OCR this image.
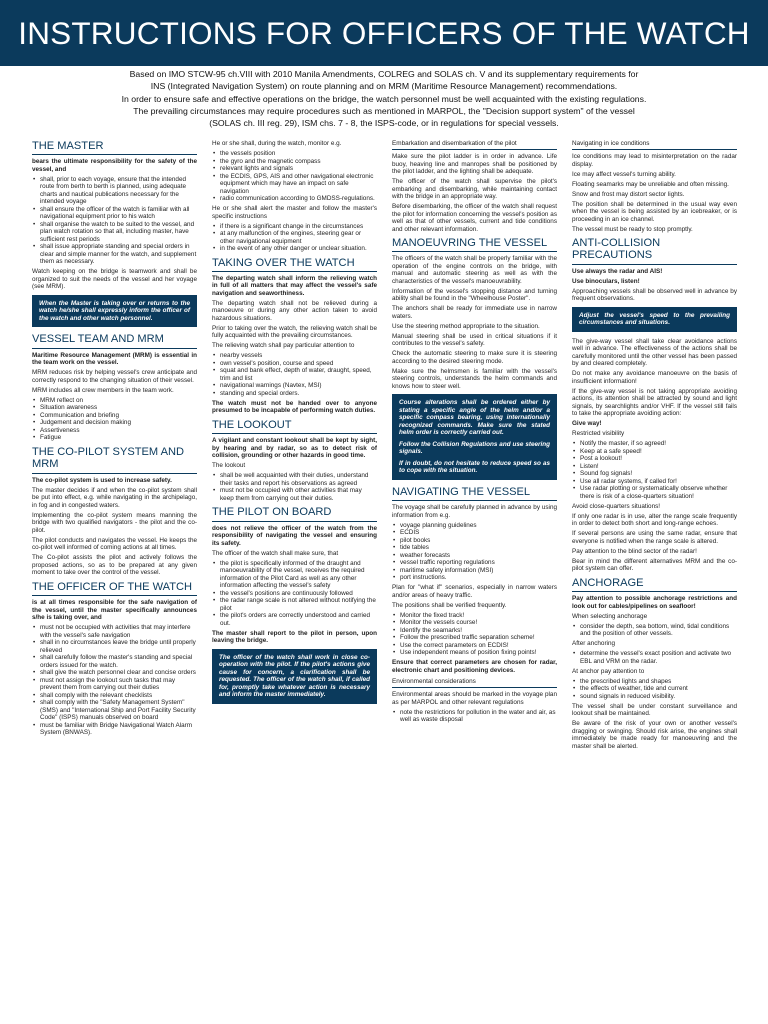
INSTRUCTIONS FOR OFFICERS OF THE WATCH
Based on IMO STCW-95 ch.VIII with 2010 Manila Amendments, COLREG and SOLAS ch. V and its supplementary requirements for
INS (Integrated Navigation System) on route planning and on MRM (Maritime Resource Management) recommendations.
In order to ensure safe and effective operations on the bridge, the watch personnel must be well acquainted with the existing regulations.
The prevailing circumstances may require procedures such as mentioned in MARPOL, the "Decision support system" of the vessel
(SOLAS ch. III reg. 29), ISM chs. 7 - 8, the ISPS-code, or in regulations for special vessels.
THE MASTER
bears the ultimate responsibility for the safety of the vessel, and
• shall, prior to each voyage, ensure that the intended route from berth to berth is planned, using adequate charts and nautical publications necessary for the intended voyage
• shall ensure the officer of the watch is familiar with all navigational equipment prior to his watch
• shall organise the watch to be suited to the vessel, and plan watch rotation so that all, including master, have sufficient rest periods
• shall issue appropriate standing and special orders in clear and simple manner for the watch, and supplement them as necessary.
Watch keeping on the bridge is teamwork and shall be organized to suit the needs of the vessel and her voyage (see MRM).
When the Master is taking over or returns to the watch he/she shall expressly inform the officer of the watch and other watch personnel.
VESSEL TEAM AND MRM
Maritime Resource Management (MRM) is essential in the team work on the vessel.
MRM reduces risk by helping vessel's crew anticipate and correctly respond to the changing situation of their vessel.
MRM includes all crew members in the team work.
• MRM reflect on
• Situation awareness
• Communication and briefing
• Judgement and decision making
• Assertiveness
• Fatigue
THE CO-PILOT SYSTEM AND MRM
The co-pilot system is used to increase safety.
The master decides if and when the co-pilot system shall be put into effect, e.g. while navigating in the archipelago, in fog and in congested waters.
Implementing the co-pilot system means manning the bridge with two qualified navigators - the pilot and the co-pilot.
The pilot conducts and navigates the vessel. He keeps the co-pilot well informed of coming actions at all times.
The Co-pilot assists the pilot and actively follows the proposed actions, so as to be prepared at any given moment to take over the control of the vessel.
THE OFFICER OF THE WATCH
is at all times responsible for the safe navigation of the vessel, until the master specifically announces s/he is taking over, and
• must not be occupied with activities that may interfere with the vessel's safe navigation
• shall in no circumstances leave the bridge until properly relieved
• shall carefully follow the master's standing and special orders issued for the watch.
• shall give the watch personnel clear and concise orders
• must not assign the lookout such tasks that may prevent them from carrying out their duties
• shall comply with the relevant checklists
• shall comply with the "Safety Management System" (SMS) and "International Ship and Port Facility Security Code" (ISPS) manuals observed on board
• must be familiar with Bridge Navigational Watch Alarm System (BNWAS).
He or she shall, during the watch, monitor e.g.
• the vessels position
• the gyro and the magnetic compass
• relevant lights and signals
• the ECDIS, GPS, AIS and other navigational electronic equipment which may have an impact on safe navigation
• radio communication according to GMDSS-regulations.
He or she shall alert the master and follow the master's specific instructions
• if there is a significant change in the circumstances
• at any malfunction of the engines, steering gear or other navigational equipment
• in the event of any other danger or unclear situation.
TAKING OVER THE WATCH
The departing watch shall inform the relieving watch in full of all matters that may affect the vessel's safe navigation and seaworthiness.
The departing watch shall not be relieved during a manoeuvre or during any other action taken to avoid hazardous situations.
Prior to taking over the watch, the relieving watch shall be fully acquainted with the prevailing circumstances.
The relieving watch shall pay particular attention to
• nearby vessels
• own vessel's position, course and speed
• squat and bank effect, depth of water, draught, speed, trim and list
• navigational warnings (Navtex, MSI)
• standing and special orders.
The watch must not be handed over to anyone presumed to be incapable of performing watch duties.
THE LOOKOUT
A vigilant and constant lookout shall be kept by sight, by hearing and by radar, so as to detect risk of collision, grounding or other hazards in good time.
The lookout
• shall be well acquainted with their duties, understand their tasks and report his observations as agreed
• must not be occupied with other activities that may keep them from carrying out their duties.
THE PILOT ON BOARD
does not relieve the officer of the watch from the responsibility of navigating the vessel and ensuring its safety.
The officer of the watch shall make sure, that
• the pilot is specifically informed of the draught and manoeuvrability of the vessel, receives the required information of the Pilot Card as well as any other information affecting the vessel's safety
• the vessel's positions are continuously followed
• the radar range scale is not altered without notifying the pilot
• the pilot's orders are correctly understood and carried out.
The master shall report to the pilot in person, upon leaving the bridge.
The officer of the watch shall work in close co-operation with the pilot. If the pilot's actions give cause for concern, a clarification shall be requested. The officer of the watch shall, if called for, promptly take whatever action is necessary and inform the master immediately.
Embarkation and disembarkation of the pilot
Make sure the pilot ladder is in order in advance. Life buoy, heaving line and manropes shall be positioned by the pilot ladder, and the lighting shall be adequate.
The officer of the watch shall supervise the pilot's embarking and disembarking, while maintaining contact with the bridge in an appropriate way.
Before disembarking, the officer of the watch shall request the pilot for information concerning the vessel's position as well as that of other vessels, current and tide conditions and other relevant information.
MANOEUVRING THE VESSEL
The officers of the watch shall be properly familiar with the operation of the engine controls on the bridge, with manual and automatic steering as well as with the characteristics of the vessel's manoeuvrability.
Information of the vessel's stopping distance and turning ability shall be found in the "Wheelhouse Poster".
The anchors shall be ready for immediate use in narrow waters.
Use the steering method appropriate to the situation.
Manual steering shall be used in critical situations if it contributes to the vessel's safety.
Check the automatic steering to make sure it is steering according to the desired steering mode.
Make sure the helmsmen is familiar with the vessel's steering controls, understands the helm commands and knows how to steer well.
Course alterations shall be ordered either by stating a specific angle of the helm and/or a specific compass bearing, using internationally recognized commands. Make sure the stated helm order is correctly carried out.
Follow the Collision Regulations and use steering signals.
If in doubt, do not hesitate to reduce speed so as to cope with the situation.
NAVIGATING THE VESSEL
The voyage shall be carefully planned in advance by using information from e.g.
• voyage planning guidelines
• ECDIS
• pilot books
• tide tables
• weather forecasts
• vessel traffic reporting regulations
• maritime safety information (MSI)
• port instructions.
Plan for "what if" scenarios, especially in narrow waters and/or areas of heavy traffic.
The positions shall be verified frequently.
• Monitor the fixed track!
• Monitor the vessels course!
• Identify the seamarks!
• Follow the prescribed traffic separation scheme!
• Use the correct parameters on ECDIS!
• Use independent means of position fixing points!
Ensure that correct parameters are chosen for radar, electronic chart and positioning devices.
Environmental considerations
Environmental areas should be marked in the voyage plan as per MARPOL and other relevant regulations
• note the restrictions for pollution in the water and air, as well as waste disposal
Navigating in ice conditions
Ice conditions may lead to misinterpretation on the radar display.
Ice may affect vessel's turning ability.
Floating seamarks may be unreliable and often missing.
Snow and frost may distort sector lights.
The position shall be determined in the usual way even when the vessel is being assisted by an icebreaker, or is proceeding in an ice channel.
The vessel must be ready to stop promptly.
ANTI-COLLISION PRECAUTIONS
Use always the radar and AIS!
Use binoculars, listen!
Approaching vessels shall be observed well in advance by frequent observations.
Adjust the vessel's speed to the prevailing circumstances and situations.
The give-way vessel shall take clear avoidance actions well in advance. The effectiveness of the actions shall be carefully monitored until the other vessel has been passed by and cleared completely.
Do not make any avoidance manoeuvre on the basis of insufficient information!
If the give-way vessel is not taking appropriate avoiding actions, its attention shall be attracted by sound and light signals, by searchlights and/or VHF. If the vessel still fails to take the appropriate avoiding action:
Give way!
Restricted visibility
• Notify the master, if so agreed!
• Keep at a safe speed!
• Post a lookout!
• Listen!
• Sound fog signals!
• Use all radar systems, if called for!
• Use radar plotting or systematically observe whether there is risk of a close-quarters situation!
Avoid close-quarters situations!
If only one radar is in use, alter the range scale frequently in order to detect both short and long-range echoes.
If several persons are using the same radar, ensure that everyone is notified when the range scale is altered.
Pay attention to the blind sector of the radar!
Bear in mind the different alternatives MRM and the co-pilot system can offer.
ANCHORAGE
Pay attention to possible anchorage restrictions and look out for cables/pipelines on seafloor!
When selecting anchorage
• consider the depth, sea bottom, wind, tidal conditions and the position of other vessels.
After anchoring
• determine the vessel's exact position and activate two EBL and VRM on the radar.
At anchor pay attention to
• the prescribed lights and shapes
• the effects of weather, tide and current
• sound signals in reduced visibility.
The vessel shall be under constant surveillance and lookout shall be maintained.
Be aware of the risk of your own or another vessel's dragging or swinging. Should risk arise, the engines shall immediately be made ready for manoeuvring and the master shall be alerted.
